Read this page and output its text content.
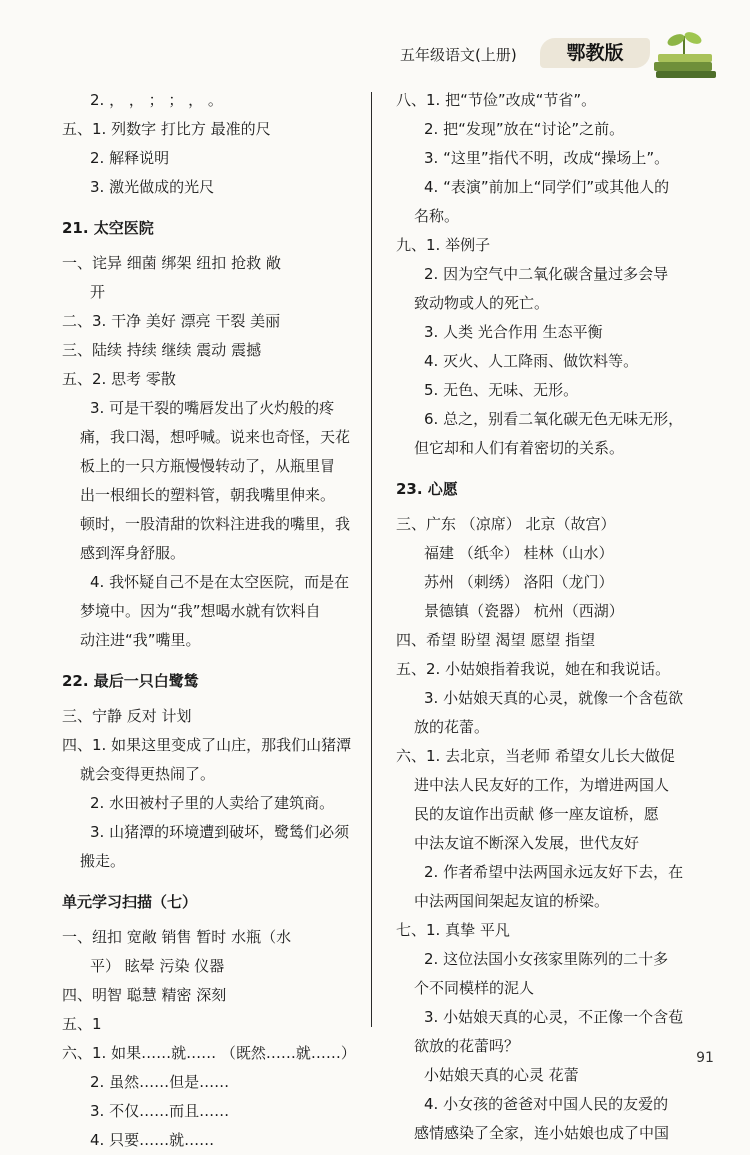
五年级语文(上册)	鄂教版
2. ， ， ； ； ， 。
五、1. 列数字 打比方 最准的尺
2. 解释说明
3. 激光做成的光尺
21. 太空医院
一、诧异 细菌 绑架 纽扣 抢救 敞
开
二、3. 干净 美好 漂亮 干裂 美丽
三、陆续 持续 继续 震动 震撼
五、2. 思考 零散
3. 可是干裂的嘴唇发出了火灼般的疼
痛，我口渴，想呼喊。说来也奇怪，天花
板上的一只方瓶慢慢转动了，从瓶里冒
出一根细长的塑料管，朝我嘴里伸来。
顿时，一股清甜的饮料注进我的嘴里，我
感到浑身舒服。
4. 我怀疑自己不是在太空医院，而是在
梦境中。因为“我”想喝水就有饮料自
动注进“我”嘴里。
22. 最后一只白鹭鸶
三、宁静 反对 计划
四、1. 如果这里变成了山庄，那我们山猪潭
就会变得更热闹了。
2. 水田被村子里的人卖给了建筑商。
3. 山猪潭的环境遭到破坏，鹭鸶们必须
搬走。
单元学习扫描（七）
一、纽扣 宽敞 销售 暂时 水瓶（水
平） 眩晕 污染 仪器
四、明智 聪慧 精密 深刻
五、1
六、1. 如果……就…… （既然……就……）
2. 虽然……但是……
3. 不仅……而且……
4. 只要……就……
八、1. 把“节俭”改成“节省”。
2. 把“发现”放在“讨论”之前。
3. “这里”指代不明，改成“操场上”。
4. “表演”前加上“同学们”或其他人的
名称。
九、1. 举例子
2. 因为空气中二氧化碳含量过多会导
致动物或人的死亡。
3. 人类 光合作用 生态平衡
4. 灭火、人工降雨、做饮料等。
5. 无色、无味、无形。
6. 总之，别看二氧化碳无色无味无形，
但它却和人们有着密切的关系。
23. 心愿
三、广东 （凉席） 北京（故宫）
福建 （纸伞） 桂林（山水）
苏州 （刺绣） 洛阳（龙门）
景德镇（瓷器） 杭州（西湖）
四、希望 盼望 渴望 愿望 指望
五、2. 小姑娘指着我说，她在和我说话。
3. 小姑娘天真的心灵，就像一个含苞欲
放的花蕾。
六、1. 去北京，当老师 希望女儿长大做促
进中法人民友好的工作，为增进两国人
民的友谊作出贡献 修一座友谊桥，愿
中法友谊不断深入发展，世代友好
2. 作者希望中法两国永远友好下去，在
中法两国间架起友谊的桥梁。
七、1. 真挚 平凡
2. 这位法国小女孩家里陈列的二十多
个不同模样的泥人
3. 小姑娘天真的心灵，不正像一个含苞
欲放的花蕾吗？
小姑娘天真的心灵 花蕾
4. 小女孩的爸爸对中国人民的友爱的
感情感染了全家，连小姑娘也成了中国
91
